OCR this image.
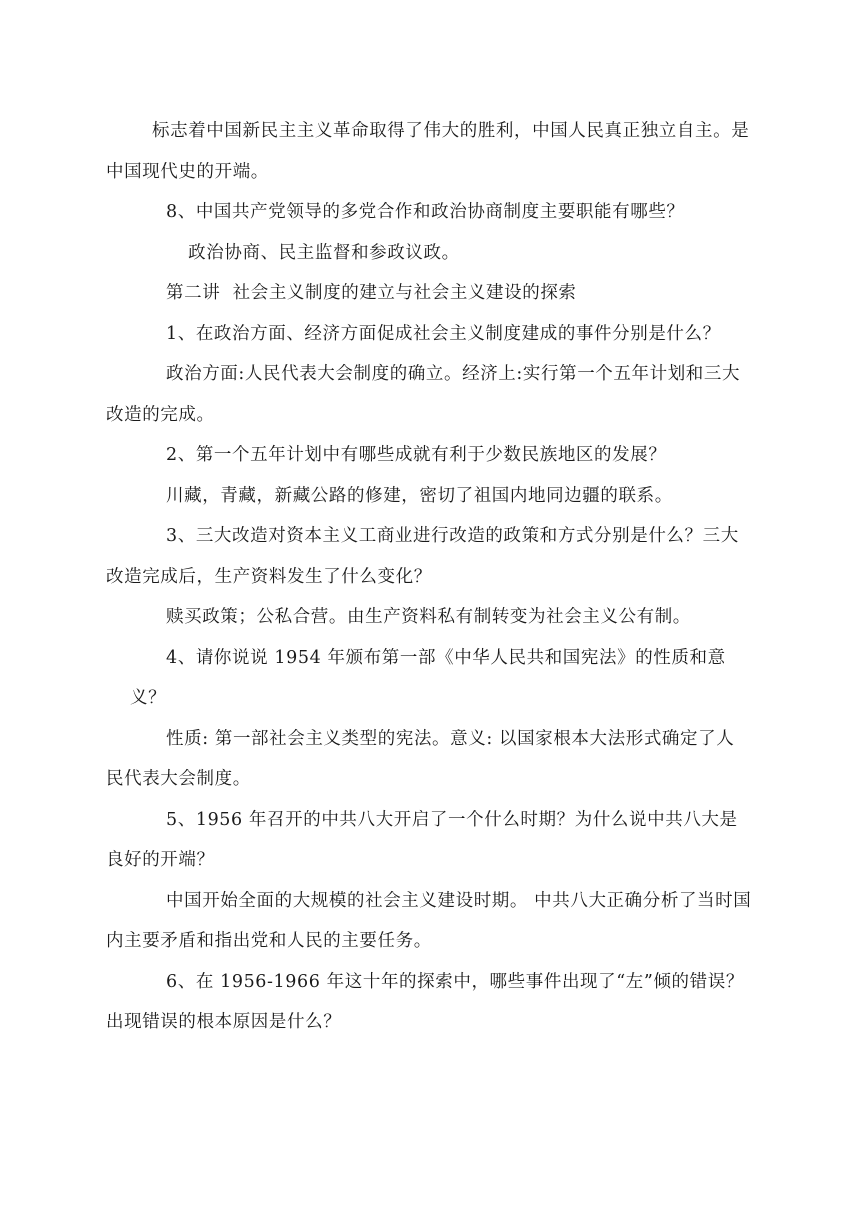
标志着中国新民主主义革命取得了伟大的胜利，中国人民真正独立自主。是中国现代史的开端。

8、中国共产党领导的多党合作和政治协商制度主要职能有哪些？

政治协商、民主监督和参政议政。

第二讲  社会主义制度的建立与社会主义建设的探索

1、在政治方面、经济方面促成社会主义制度建成的事件分别是什么？

政治方面:人民代表大会制度的确立。经济上:实行第一个五年计划和三大改造的完成。

2、第一个五年计划中有哪些成就有利于少数民族地区的发展？

川藏，青藏，新藏公路的修建，密切了祖国内地同边疆的联系。

3、三大改造对资本主义工商业进行改造的政策和方式分别是什么？三大改造完成后，生产资料发生了什么变化？

赎买政策；公私合营。由生产资料私有制转变为社会主义公有制。

4、请你说说 1954 年颁布第一部《中华人民共和国宪法》的性质和意义？

性质: 第一部社会主义类型的宪法。意义: 以国家根本大法形式确定了人民代表大会制度。

5、1956 年召开的中共八大开启了一个什么时期？为什么说中共八大是良好的开端？

中国开始全面的大规模的社会主义建设时期。 中共八大正确分析了当时国内主要矛盾和指出党和人民的主要任务。

6、在 1956-1966 年这十年的探索中，哪些事件出现了“左”倾的错误？出现错误的根本原因是什么？
